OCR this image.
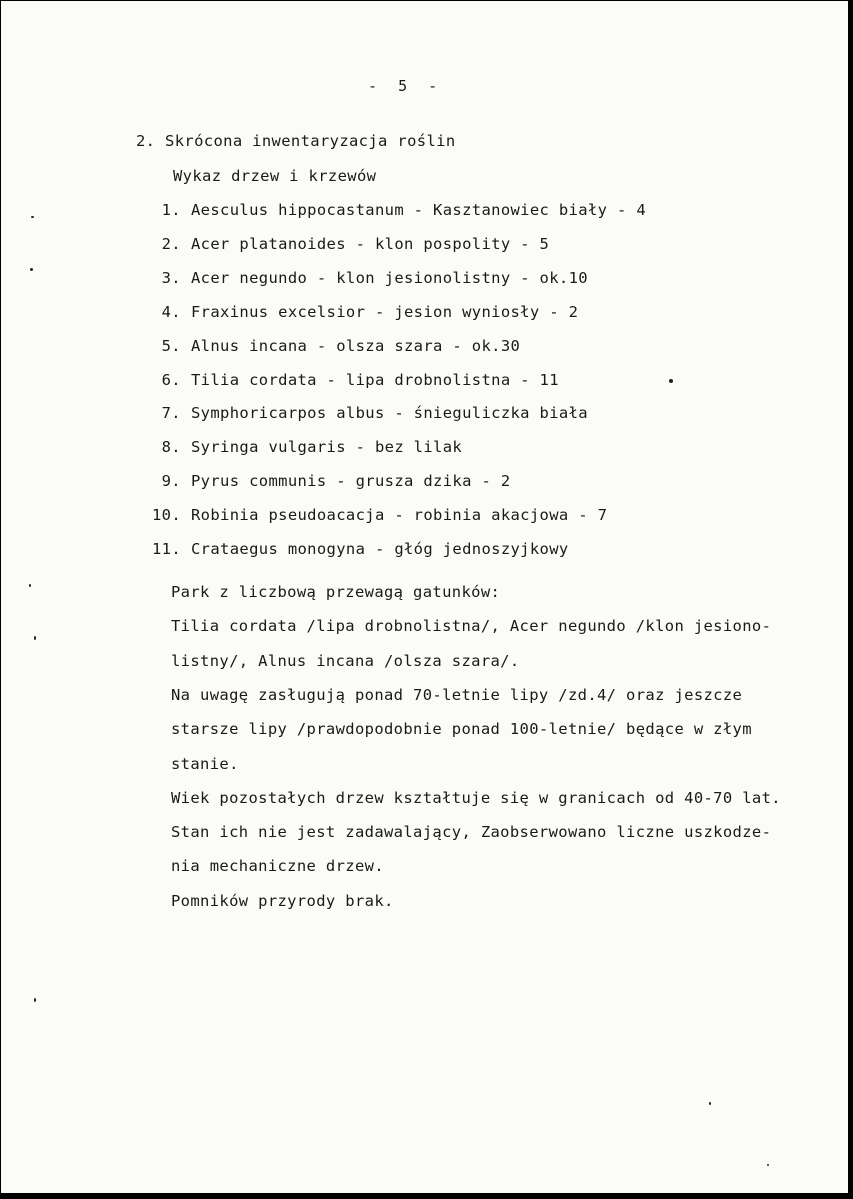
-  5  -
2. Skrócona inwentaryzacja roślin
Wykaz drzew i krzewów
1. Aesculus hippocastanum - Kasztanowiec biały - 4
2. Acer platanoides - klon pospolity - 5
3. Acer negundo - klon jesionolistny - ok.10
4. Fraxinus excelsior - jesion wyniosły - 2
5. Alnus incana - olsza szara - ok.30
6. Tilia cordata - lipa drobnolistna - 11
7. Symphoricarpos albus - śnieguliczka biała
8. Syringa vulgaris - bez lilak
9. Pyrus communis - grusza dzika - 2
10. Robinia pseudoacacja - robinia akacjowa - 7
11. Crataegus monogyna - głóg jednoszyjkowy
Park z liczbową przewagą gatunków:
Tilia cordata /lipa drobnolistna/, Acer negundo /klon jesiono-
listny/, Alnus incana /olsza szara/.
Na uwagę zasługują ponad 70-letnie lipy /zd.4/ oraz jeszcze
starsze lipy /prawdopodobnie ponad 100-letnie/ będące w złym
stanie.
Wiek pozostałych drzew kształtuje się w granicach od 40-70 lat.
Stan ich nie jest zadawalający, Zaobserwowano liczne uszkodze-
nia mechaniczne drzew.
Pomników przyrody brak.
